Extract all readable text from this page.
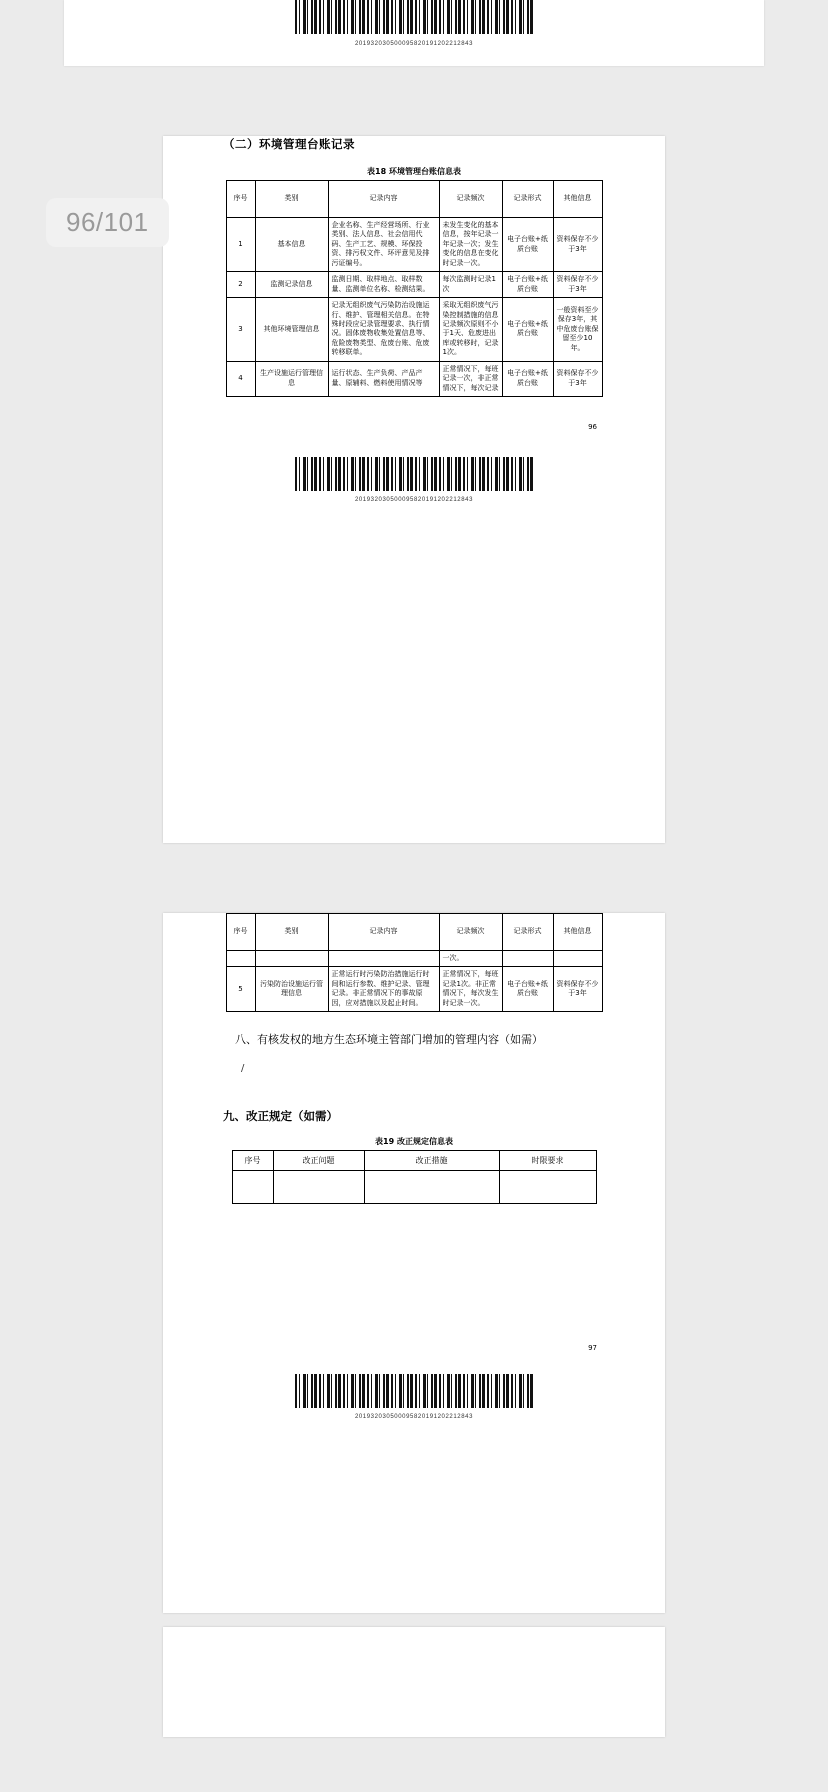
96/101
201932030500095820191202212843
（二）环境管理台账记录
表18 环境管理台账信息表
序号	类别	记录内容	记录频次	记录形式	其他信息
1	基本信息	企业名称、生产经营场所、行业类别、法人信息、社会信用代码、生产工艺、规模、环保投资、排污权文件、环评意见及排污证编号。	未发生变化的基本信息，按年记录一年记录一次；发生变化的信息在变化时记录一次。	电子台账+纸质台账	资料保存不少于3年
2	监测记录信息	监测日期、取样地点、取样数量、监测单位名称、检测结果。	每次监测时记录1次	电子台账+纸质台账	资料保存不少于3年
3	其他环境管理信息	记录无组织废气污染防治设施运行、维护、管理相关信息。在特殊时段应记录管理要求、执行情况。固体废物收集处置信息等、危险废物类型、危废台账、危废转移联单。	采取无组织废气污染控制措施的信息记录频次原则不小于1天、危废进出库或转移时，记录1次。	电子台账+纸质台账	一般资料至少保存3年，其中危废台账保留至少10年。
4	生产设施运行管理信息	运行状态、生产负荷、产品产量、原辅料、燃料使用情况等	正常情况下，每班记录一次，非正常情况下，每次记录	电子台账+纸质台账	资料保存不少于3年
96
201932030500095820191202212843
序号	类别	记录内容	记录频次	记录形式	其他信息
			一次。		
5	污染防治设施运行管理信息	正常运行时污染防治措施运行时间和运行参数、维护记录、管理记录。非正常情况下的事故原因，应对措施以及起止时间。	正常情况下，每班记录1次。非正常情况下，每次发生时记录一次。	电子台账+纸质台账	资料保存不少于3年
八、有核发权的地方生态环境主管部门增加的管理内容（如需）
/
九、改正规定（如需）
表19 改正规定信息表
序号	改正问题	改正措施	时限要求

97
201932030500095820191202212843
